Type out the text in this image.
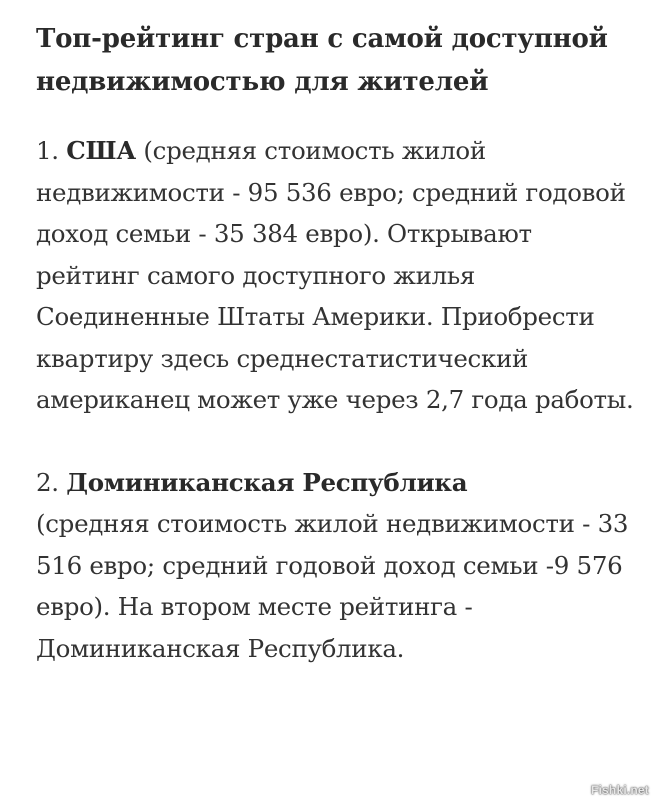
Топ-рейтинг стран с самой доступной недвижимостью для жителей

1. США (средняя стоимость жилой недвижимости - 95 536 евро; средний годовой доход семьи - 35 384 евро). Открывают рейтинг самого доступного жилья Соединенные Штаты Америки. Приобрести квартиру здесь среднестатистический американец может уже через 2,7 года работы.

2. Доминиканская Республика
(средняя стоимость жилой недвижимости - 33 516 евро; средний годовой доход семьи -9 576 евро). На втором месте рейтинга - Доминиканская Республика.

Fishki.net
